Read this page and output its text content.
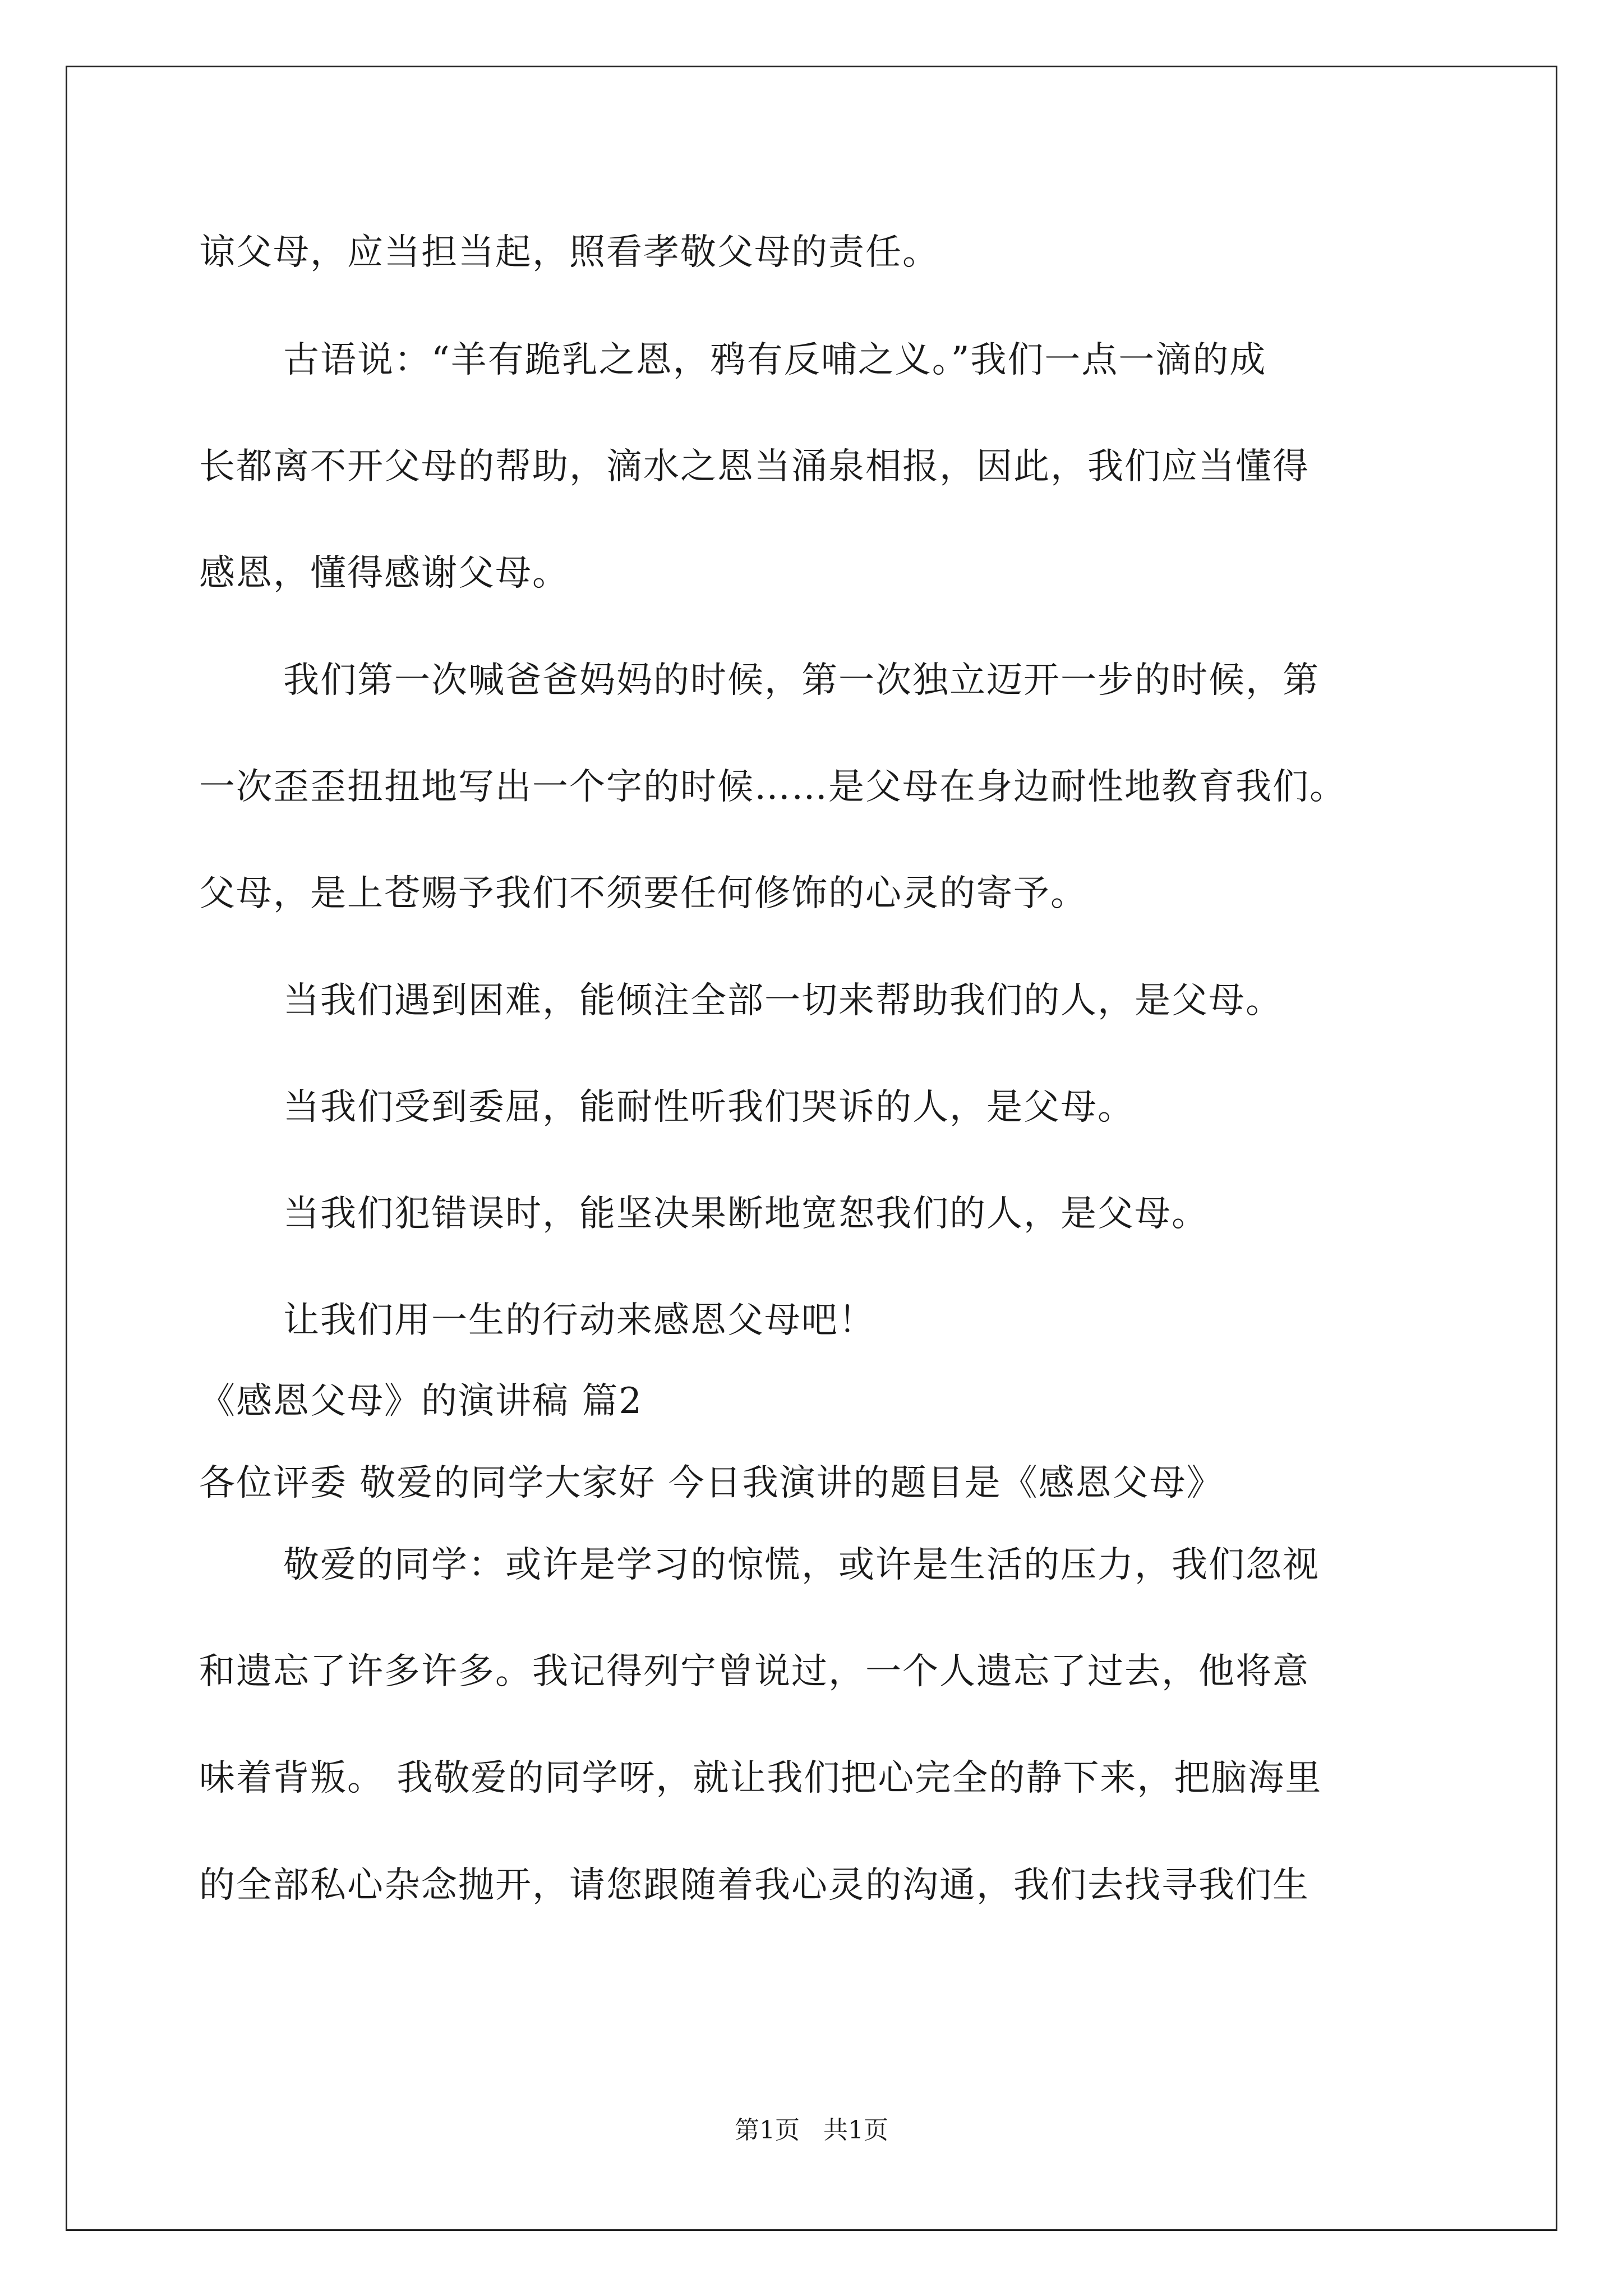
谅父母，应当担当起，照看孝敬父母的责任。

古语说：“羊有跪乳之恩，鸦有反哺之义。”我们一点一滴的成

长都离不开父母的帮助，滴水之恩当涌泉相报，因此，我们应当懂得

感恩，懂得感谢父母。

我们第一次喊爸爸妈妈的时候，第一次独立迈开一步的时候，第

一次歪歪扭扭地写出一个字的时候……是父母在身边耐性地教育我们。

父母，是上苍赐予我们不须要任何修饰的心灵的寄予。

当我们遇到困难，能倾注全部一切来帮助我们的人，是父母。

当我们受到委屈，能耐性听我们哭诉的人，是父母。

当我们犯错误时，能坚决果断地宽恕我们的人，是父母。

让我们用一生的行动来感恩父母吧！

《感恩父母》的演讲稿 篇2

各位评委 敬爱的同学大家好 今日我演讲的题目是《感恩父母》

敬爱的同学：或许是学习的惊慌，或许是生活的压力，我们忽视

和遗忘了许多许多。我记得列宁曾说过，一个人遗忘了过去，他将意

味着背叛。 我敬爱的同学呀，就让我们把心完全的静下来，把脑海里

的全部私心杂念抛开，请您跟随着我心灵的沟通，我们去找寻我们生

第1页   共1页
